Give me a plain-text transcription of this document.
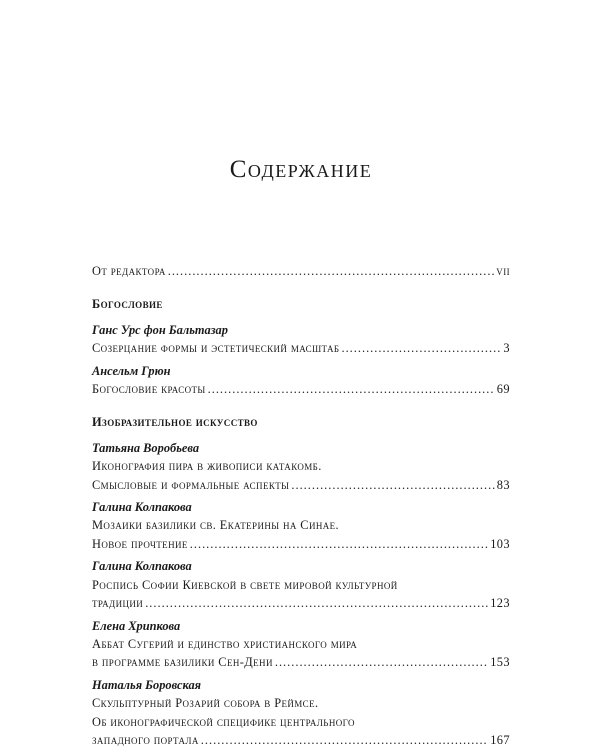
Содержание
От редактора .....	vii
Богословие
Ганс Урс фон Бальтазар
Созерцание формы и эстетический масштаб .....	3
Ансельм Грюн
Богословие красоты .....	69
Изобразительное искусство
Татьяна Воробьева
Иконография пира в живописи катакомб.
Смысловые и формальные аспекты .....	83
Галина Колпакова
Мозаики базилики св. Екатерины на Синае.
Новое прочтение .....	103
Галина Колпакова
Роспись Софии Киевской в свете мировой культурной
традиции .....	123
Елена Хрипкова
Аббат Сугерий и единство христианского мира
в программе базилики Сен-Дени .....	153
Наталья Боровская
Скульптурный Розарий собора в Реймсе.
Об иконографической специфике центрального
западного портала .....	167
